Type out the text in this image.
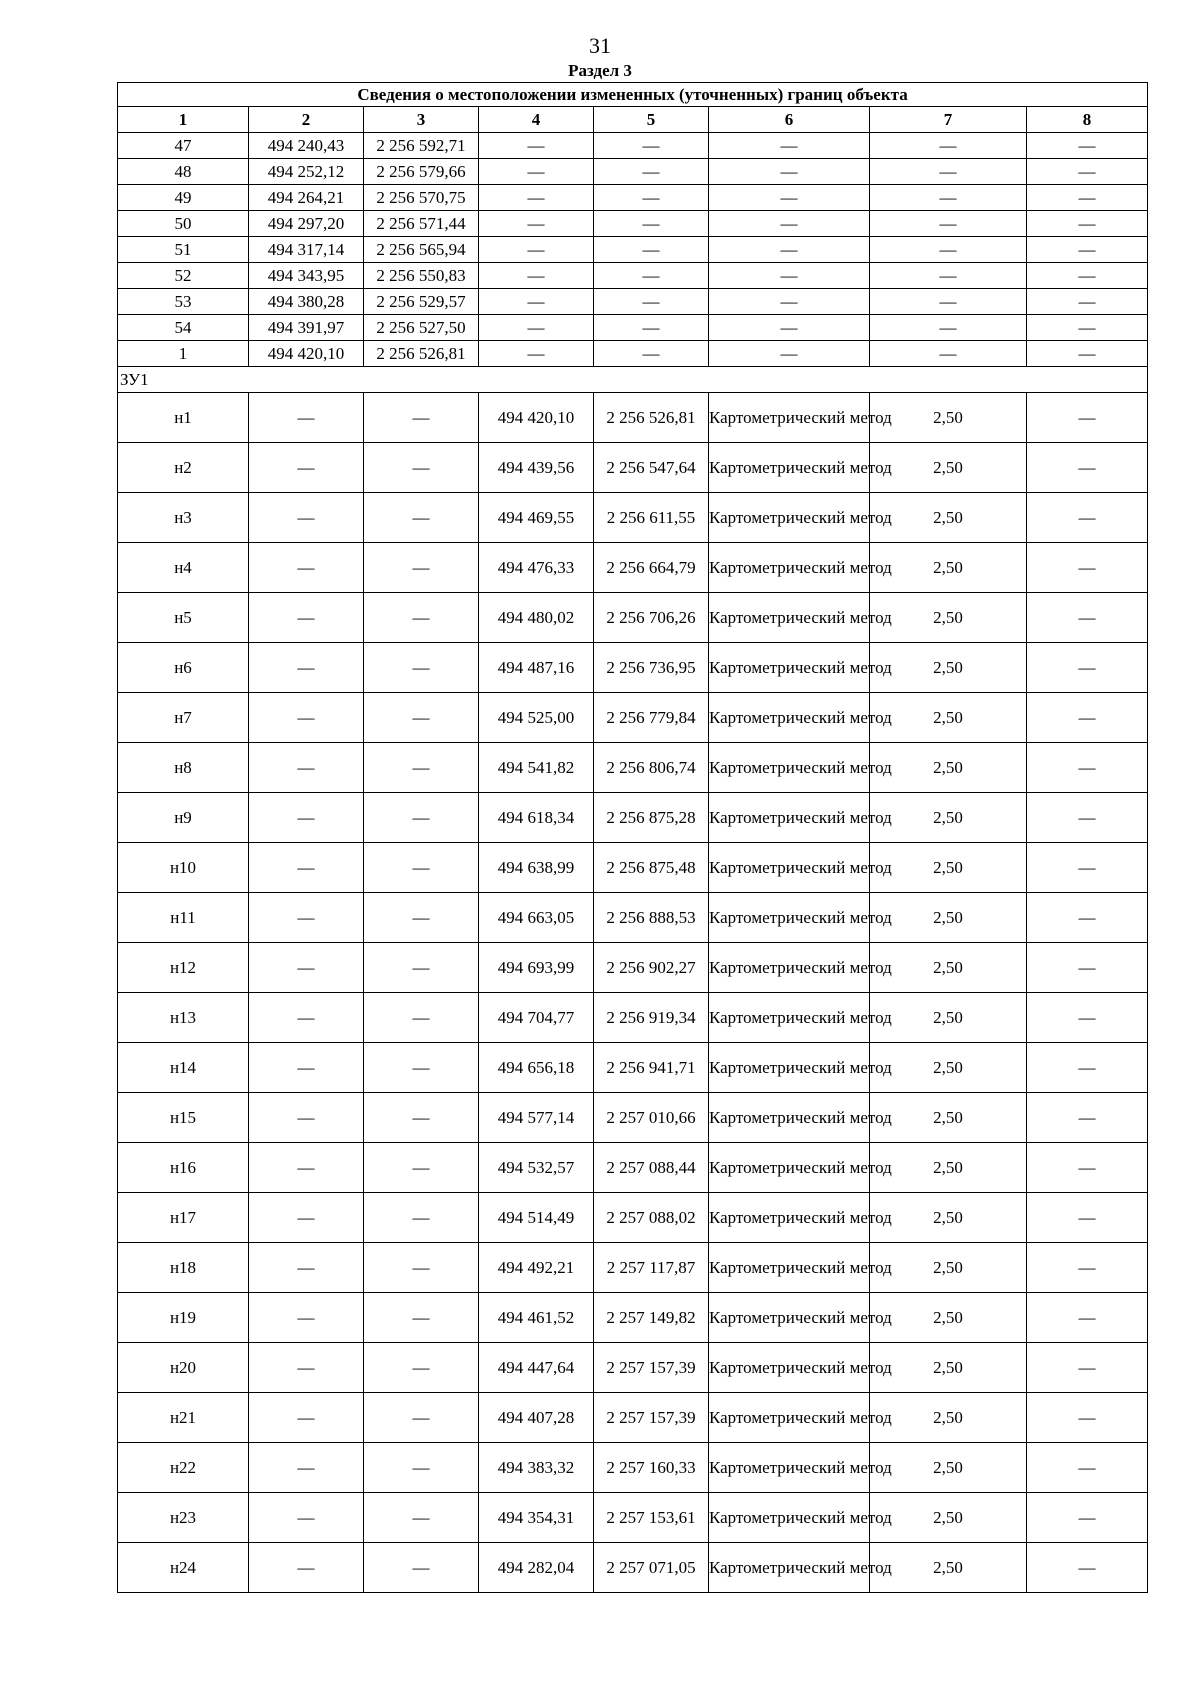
31
Раздел 3
Сведения о местоположении измененных (уточненных) границ объекта							
1	2	3	4	5	6	7	8
47	494 240,43	2 256 592,71	—	—	—	—	—
48	494 252,12	2 256 579,66	—	—	—	—	—
49	494 264,21	2 256 570,75	—	—	—	—	—
50	494 297,20	2 256 571,44	—	—	—	—	—
51	494 317,14	2 256 565,94	—	—	—	—	—
52	494 343,95	2 256 550,83	—	—	—	—	—
53	494 380,28	2 256 529,57	—	—	—	—	—
54	494 391,97	2 256 527,50	—	—	—	—	—
1	494 420,10	2 256 526,81	—	—	—	—	—
ЗУ1							
н1	—	—	494 420,10	2 256 526,81	Картометрический метод	2,50	—
н2	—	—	494 439,56	2 256 547,64	Картометрический метод	2,50	—
н3	—	—	494 469,55	2 256 611,55	Картометрический метод	2,50	—
н4	—	—	494 476,33	2 256 664,79	Картометрический метод	2,50	—
н5	—	—	494 480,02	2 256 706,26	Картометрический метод	2,50	—
н6	—	—	494 487,16	2 256 736,95	Картометрический метод	2,50	—
н7	—	—	494 525,00	2 256 779,84	Картометрический метод	2,50	—
н8	—	—	494 541,82	2 256 806,74	Картометрический метод	2,50	—
н9	—	—	494 618,34	2 256 875,28	Картометрический метод	2,50	—
н10	—	—	494 638,99	2 256 875,48	Картометрический метод	2,50	—
н11	—	—	494 663,05	2 256 888,53	Картометрический метод	2,50	—
н12	—	—	494 693,99	2 256 902,27	Картометрический метод	2,50	—
н13	—	—	494 704,77	2 256 919,34	Картометрический метод	2,50	—
н14	—	—	494 656,18	2 256 941,71	Картометрический метод	2,50	—
н15	—	—	494 577,14	2 257 010,66	Картометрический метод	2,50	—
н16	—	—	494 532,57	2 257 088,44	Картометрический метод	2,50	—
н17	—	—	494 514,49	2 257 088,02	Картометрический метод	2,50	—
н18	—	—	494 492,21	2 257 117,87	Картометрический метод	2,50	—
н19	—	—	494 461,52	2 257 149,82	Картометрический метод	2,50	—
н20	—	—	494 447,64	2 257 157,39	Картометрический метод	2,50	—
н21	—	—	494 407,28	2 257 157,39	Картометрический метод	2,50	—
н22	—	—	494 383,32	2 257 160,33	Картометрический метод	2,50	—
н23	—	—	494 354,31	2 257 153,61	Картометрический метод	2,50	—
н24	—	—	494 282,04	2 257 071,05	Картометрический метод	2,50	—
